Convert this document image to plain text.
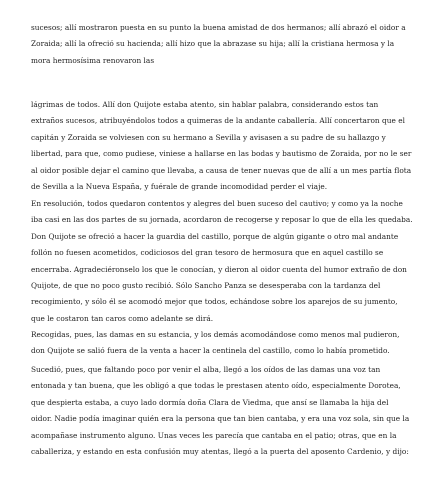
sucesos; allí mostraron puesta en su punto la buena amistad de dos hermanos; allí abrazó el oidor a
Zoraida; allí la ofreció su hacienda; allí hizo que la abrazase su hija; allí la cristiana hermosa y la
mora hermosísima renovaron las

lágrimas de todos. Allí don Quijote estaba atento, sin hablar palabra, considerando estos tan
extraños sucesos, atribuyéndolos todos a quimeras de la andante caballería. Allí concertaron que el
capitán y Zoraida se volviesen con su hermano a Sevilla y avisasen a su padre de su hallazgo y
libertad, para que, como pudiese, viniese a hallarse en las bodas y bautismo de Zoraida, por no le ser
al oidor posible dejar el camino que llevaba, a causa de tener nuevas que de allí a un mes partía flota
de Sevilla a la Nueva España, y fuérale de grande incomodidad perder el viaje.

En resolución, todos quedaron contentos y alegres del buen suceso del cautivo; y como ya la noche
iba casi en las dos partes de su jornada, acordaron de recogerse y reposar lo que de ella les quedaba.
Don Quijote se ofreció a hacer la guardia del castillo, porque de algún gigante o otro mal andante
follón no fuesen acometidos, codiciosos del gran tesoro de hermosura que en aquel castillo se
encerraba. Agradeciéronselo los que le conocían, y dieron al oidor cuenta del humor extraño de don
Quijote, de que no poco gusto recibió. Sólo Sancho Panza se desesperaba con la tardanza del
recogimiento, y sólo él se acomodó mejor que todos, echándose sobre los aparejos de su jumento,
que le costaron tan caros como adelante se dirá.

Recogidas, pues, las damas en su estancia, y los demás acomodándose como menos mal pudieron,
don Quijote se salió fuera de la venta a hacer la centinela del castillo, como lo había prometido.

Sucedió, pues, que faltando poco por venir el alba, llegó a los oídos de las damas una voz tan
entonada y tan buena, que les obligó a que todas le prestasen atento oído, especialmente Dorotea,
que despierta estaba, a cuyo lado dormía doña Clara de Viedma, que ansí se llamaba la hija del
oidor. Nadie podía imaginar quién era la persona que tan bien cantaba, y era una voz sola, sin que la
acompañase instrumento alguno. Unas veces les parecía que cantaba en el patio; otras, que en la
caballeriza, y estando en esta confusión muy atentas, llegó a la puerta del aposento Cardenio, y dijo:
